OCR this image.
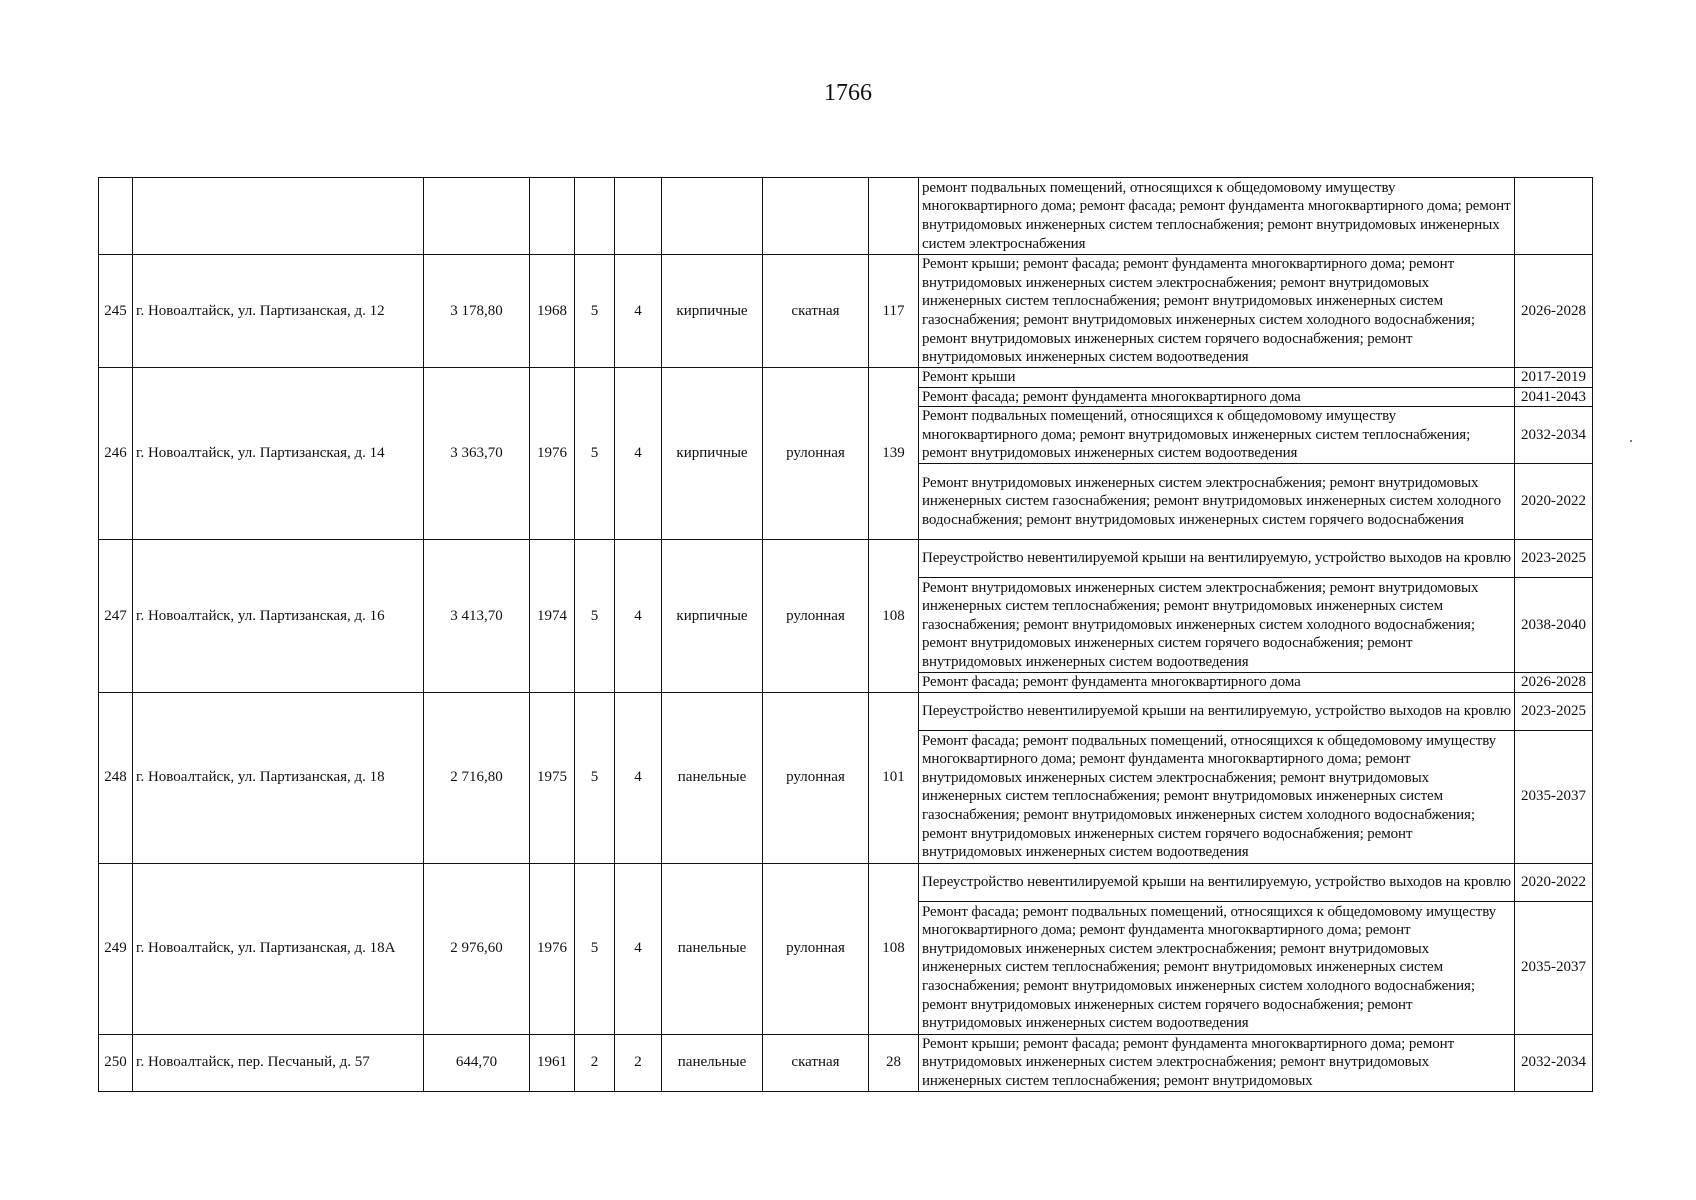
1766
									ремонт подвальных помещений, относящихся к общедомовому имуществу многоквартирного дома; ремонт фасада; ремонт фундамента многоквартирного дома; ремонт внутридомовых инженерных систем теплоснабжения; ремонт внутридомовых инженерных систем электроснабжения	
245	г. Новоалтайск, ул. Партизанская, д. 12	3 178,80	1968	5	4	кирпичные	скатная	117	Ремонт крыши; ремонт фасада; ремонт фундамента многоквартирного дома; ремонт внутридомовых инженерных систем электроснабжения; ремонт внутридомовых инженерных систем теплоснабжения; ремонт внутридомовых инженерных систем газоснабжения; ремонт внутридомовых инженерных систем холодного водоснабжения; ремонт внутридомовых инженерных систем горячего водоснабжения; ремонт внутридомовых инженерных систем водоотведения	2026-2028
246	г. Новоалтайск, ул. Партизанская, д. 14	3 363,70	1976	5	4	кирпичные	рулонная	139	Ремонт крыши	2017-2019
									Ремонт фасада; ремонт фундамента многоквартирного дома	2041-2043
									Ремонт подвальных помещений, относящихся к общедомовому имуществу многоквартирного дома; ремонт внутридомовых инженерных систем теплоснабжения; ремонт внутридомовых инженерных систем водоотведения	2032-2034
									Ремонт внутридомовых инженерных систем электроснабжения; ремонт внутридомовых инженерных систем газоснабжения; ремонт внутридомовых инженерных систем холодного водоснабжения; ремонт внутридомовых инженерных систем горячего водоснабжения	2020-2022
247	г. Новоалтайск, ул. Партизанская, д. 16	3 413,70	1974	5	4	кирпичные	рулонная	108	Переустройство невентилируемой крыши на вентилируемую, устройство выходов на кровлю	2023-2025
									Ремонт внутридомовых инженерных систем электроснабжения; ремонт внутридомовых инженерных систем теплоснабжения; ремонт внутридомовых инженерных систем газоснабжения; ремонт внутридомовых инженерных систем холодного водоснабжения; ремонт внутридомовых инженерных систем горячего водоснабжения; ремонт внутридомовых инженерных систем водоотведения	2038-2040
									Ремонт фасада; ремонт фундамента многоквартирного дома	2026-2028
248	г. Новоалтайск, ул. Партизанская, д. 18	2 716,80	1975	5	4	панельные	рулонная	101	Переустройство невентилируемой крыши на вентилируемую, устройство выходов на кровлю	2023-2025
									Ремонт фасада; ремонт подвальных помещений, относящихся к общедомовому имуществу многоквартирного дома; ремонт фундамента многоквартирного дома; ремонт внутридомовых инженерных систем электроснабжения; ремонт внутридомовых инженерных систем теплоснабжения; ремонт внутридомовых инженерных систем газоснабжения; ремонт внутридомовых инженерных систем холодного водоснабжения; ремонт внутридомовых инженерных систем горячего водоснабжения; ремонт внутридомовых инженерных систем водоотведения	2035-2037
249	г. Новоалтайск, ул. Партизанская, д. 18А	2 976,60	1976	5	4	панельные	рулонная	108	Переустройство невентилируемой крыши на вентилируемую, устройство выходов на кровлю	2020-2022
									Ремонт фасада; ремонт подвальных помещений, относящихся к общедомовому имуществу многоквартирного дома; ремонт фундамента многоквартирного дома; ремонт внутридомовых инженерных систем электроснабжения; ремонт внутридомовых инженерных систем теплоснабжения; ремонт внутридомовых инженерных систем газоснабжения; ремонт внутридомовых инженерных систем холодного водоснабжения; ремонт внутридомовых инженерных систем горячего водоснабжения; ремонт внутридомовых инженерных систем водоотведения	2035-2037
250	г. Новоалтайск, пер. Песчаный, д. 57	644,70	1961	2	2	панельные	скатная	28	Ремонт крыши; ремонт фасада; ремонт фундамента многоквартирного дома; ремонт внутридомовых инженерных систем электроснабжения; ремонт внутридомовых инженерных систем теплоснабжения; ремонт внутридомовых	2032-2034
